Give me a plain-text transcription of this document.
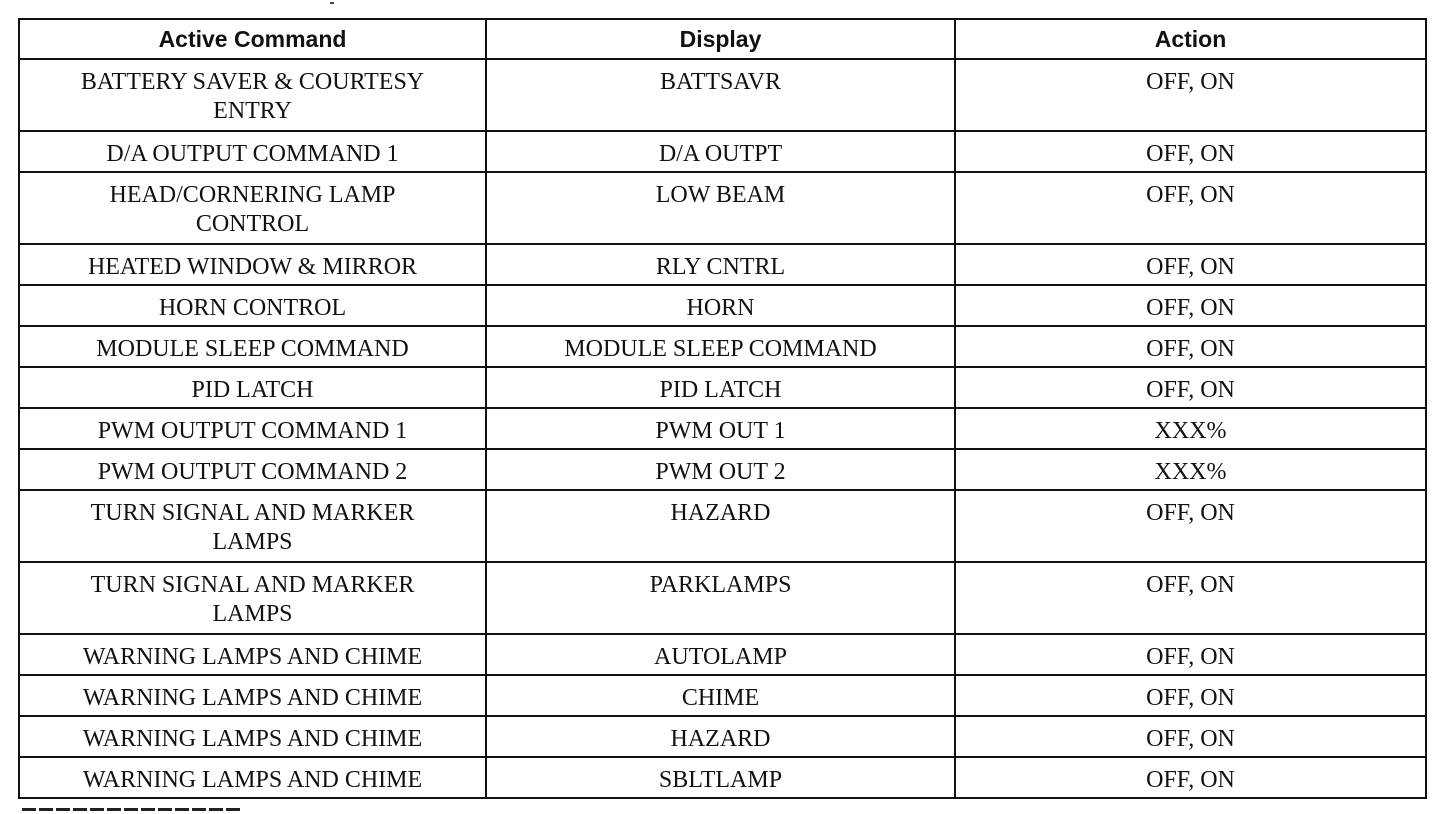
Active Command	Display	Action
BATTERY SAVER & COURTESY ENTRY	BATTSAVR	OFF, ON
D/A OUTPUT COMMAND 1	D/A OUTPT	OFF, ON
HEAD/CORNERING LAMP CONTROL	LOW BEAM	OFF, ON
HEATED WINDOW & MIRROR	RLY CNTRL	OFF, ON
HORN CONTROL	HORN	OFF, ON
MODULE SLEEP COMMAND	MODULE SLEEP COMMAND	OFF, ON
PID LATCH	PID LATCH	OFF, ON
PWM OUTPUT COMMAND 1	PWM OUT 1	XXX%
PWM OUTPUT COMMAND 2	PWM OUT 2	XXX%
TURN SIGNAL AND MARKER LAMPS	HAZARD	OFF, ON
TURN SIGNAL AND MARKER LAMPS	PARKLAMPS	OFF, ON
WARNING LAMPS AND CHIME	AUTOLAMP	OFF, ON
WARNING LAMPS AND CHIME	CHIME	OFF, ON
WARNING LAMPS AND CHIME	HAZARD	OFF, ON
WARNING LAMPS AND CHIME	SBLTLAMP	OFF, ON
